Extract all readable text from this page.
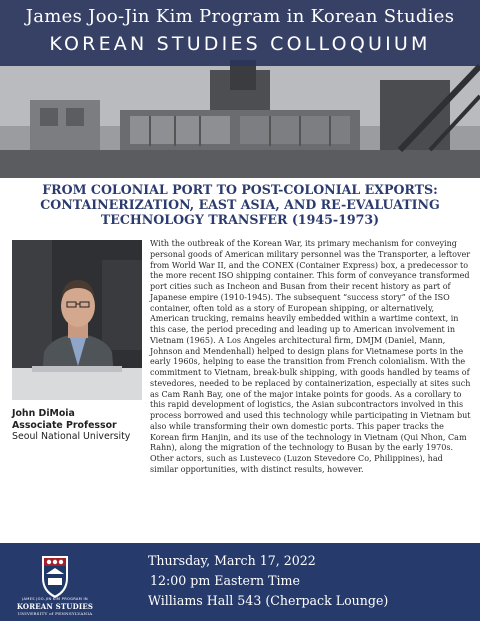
James Joo-Jin Kim Program in Korean Studies
KOREAN STUDIES COLLOQUIUM
FROM COLONIAL PORT TO POST-COLONIAL EXPORTS: CONTAINERIZATION, EAST ASIA, AND RE-EVALUATING TECHNOLOGY TRANSFER (1945-1973)
John DiMoia
Associate Professor
Seoul National University
With the outbreak of the Korean War, its primary mechanism for conveying personal goods of American military personnel was the Transporter, a leftover from World War II, and the CONEX (Container Express) box, a predecessor to the more recent ISO shipping container. This form of conveyance transformed port cities such as Incheon and Busan from their recent history as part of Japanese empire (1910-1945). The subsequent “success story” of the ISO container, often told as a story of European shipping, or alternatively, American trucking, remains heavily embedded within a wartime context, in this case, the period preceding and leading up to American involvement in Vietnam (1965). A Los Angeles architectural firm, DMJM (Daniel, Mann, Johnson and Mendenhall) helped to design plans for Vietnamese ports in the early 1960s, helping to ease the transition from French colonialism. With the commitment to Vietnam, break-bulk shipping, with goods handled by teams of stevedores, needed to be replaced by containerization, especially at sites such as Cam Ranh Bay, one of the major intake points for goods. As a corollary to this rapid development of logistics, the Asian subcontractors involved in this process borrowed and used this technology while participating in Vietnam but also while transforming their own domestic ports. This paper tracks the Korean firm Hanjin, and its use of the technology in Vietnam (Qui Nhon, Cam Rahn), along the migration of the technology to Busan by the early 1970s. Other actors, such as Lusteveco (Luzon Stevedore Co, Philippines), had similar opportunities, with distinct results, however.
JAMES JOO-JIN KIM PROGRAM IN
KOREAN STUDIES
UNIVERSITY of PENNSYLVANIA
Thursday, March 17, 2022
12:00 pm Eastern Time
Williams Hall 543 (Cherpack Lounge)
